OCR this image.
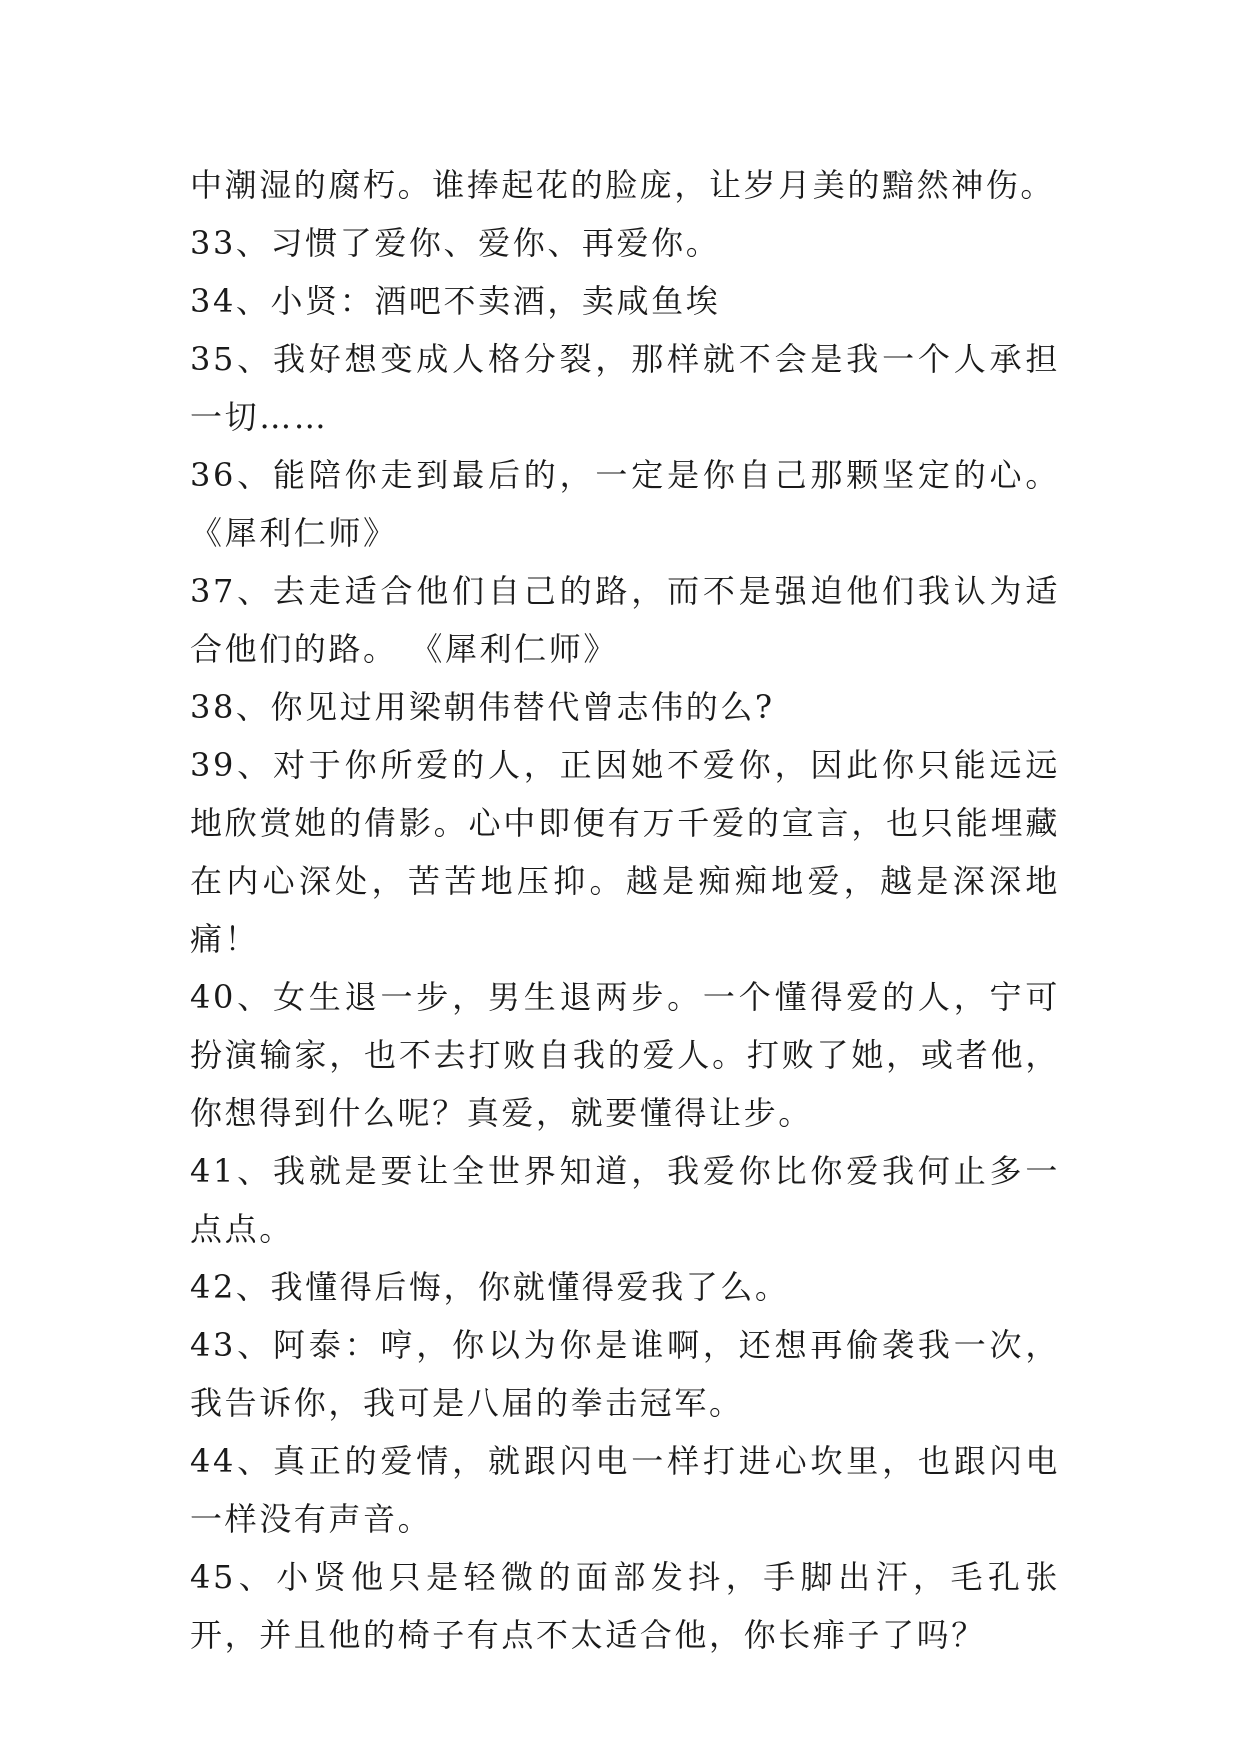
中潮湿的腐朽。谁捧起花的脸庞，让岁月美的黯然神伤。

33、习惯了爱你、爱你、再爱你。

34、小贤：酒吧不卖酒，卖咸鱼埃

35、我好想变成人格分裂，那样就不会是我一个人承担一切……

36、能陪你走到最后的，一定是你自己那颗坚定的心。 《犀利仁师》

37、去走适合他们自己的路，而不是强迫他们我认为适合他们的路。 《犀利仁师》

38、你见过用梁朝伟替代曾志伟的么?

39、对于你所爱的人，正因她不爱你，因此你只能远远地欣赏她的倩影。心中即便有万千爱的宣言，也只能埋藏在内心深处，苦苦地压抑。越是痴痴地爱，越是深深地痛！

40、女生退一步，男生退两步。一个懂得爱的人，宁可扮演输家，也不去打败自我的爱人。打败了她，或者他，你想得到什么呢？真爱，就要懂得让步。

41、我就是要让全世界知道，我爱你比你爱我何止多一点点。

42、我懂得后悔，你就懂得爱我了么。

43、阿泰：哼，你以为你是谁啊，还想再偷袭我一次，我告诉你，我可是八届的拳击冠军。

44、真正的爱情，就跟闪电一样打进心坎里，也跟闪电一样没有声音。

45、小贤他只是轻微的面部发抖，手脚出汗，毛孔张开，并且他的椅子有点不太适合他，你长痱子了吗？
